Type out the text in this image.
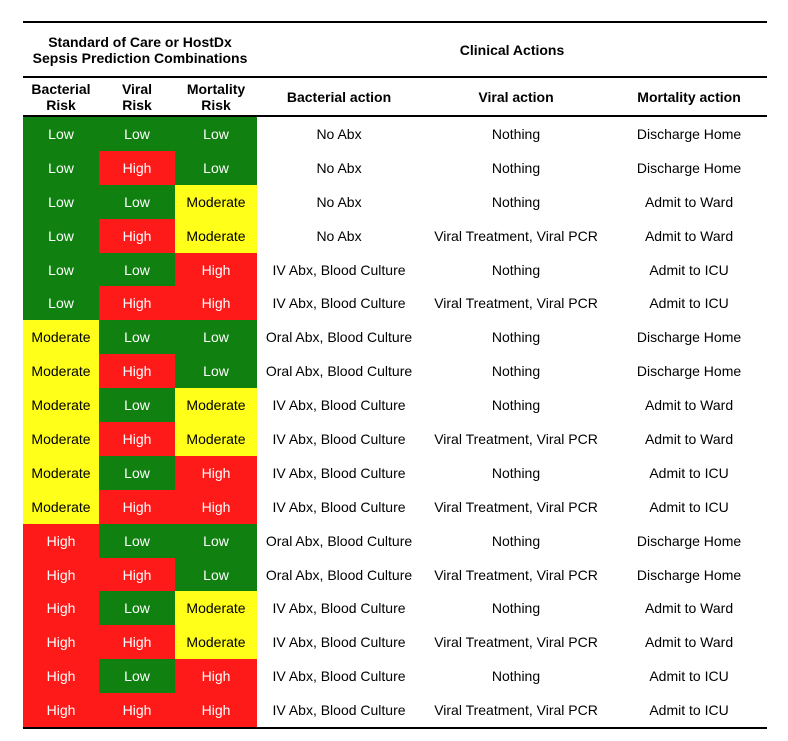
Standard of Care or HostDx
Sepsis Prediction Combinations			Clinical Actions		
Bacterial
Risk	Viral
Risk	Mortality
Risk	Bacterial action	Viral action	Mortality action
Low	Low	Low	No Abx	Nothing	Discharge Home
Low	High	Low	No Abx	Nothing	Discharge Home
Low	Low	Moderate	No Abx	Nothing	Admit to Ward
Low	High	Moderate	No Abx	Viral Treatment, Viral PCR	Admit to Ward
Low	Low	High	IV Abx, Blood Culture	Nothing	Admit to ICU
Low	High	High	IV Abx, Blood Culture	Viral Treatment, Viral PCR	Admit to ICU
Moderate	Low	Low	Oral Abx, Blood Culture	Nothing	Discharge Home
Moderate	High	Low	Oral Abx, Blood Culture	Nothing	Discharge Home
Moderate	Low	Moderate	IV Abx, Blood Culture	Nothing	Admit to Ward
Moderate	High	Moderate	IV Abx, Blood Culture	Viral Treatment, Viral PCR	Admit to Ward
Moderate	Low	High	IV Abx, Blood Culture	Nothing	Admit to ICU
Moderate	High	High	IV Abx, Blood Culture	Viral Treatment, Viral PCR	Admit to ICU
High	Low	Low	Oral Abx, Blood Culture	Nothing	Discharge Home
High	High	Low	Oral Abx, Blood Culture	Viral Treatment, Viral PCR	Discharge Home
High	Low	Moderate	IV Abx, Blood Culture	Nothing	Admit to Ward
High	High	Moderate	IV Abx, Blood Culture	Viral Treatment, Viral PCR	Admit to Ward
High	Low	High	IV Abx, Blood Culture	Nothing	Admit to ICU
High	High	High	IV Abx, Blood Culture	Viral Treatment, Viral PCR	Admit to ICU
